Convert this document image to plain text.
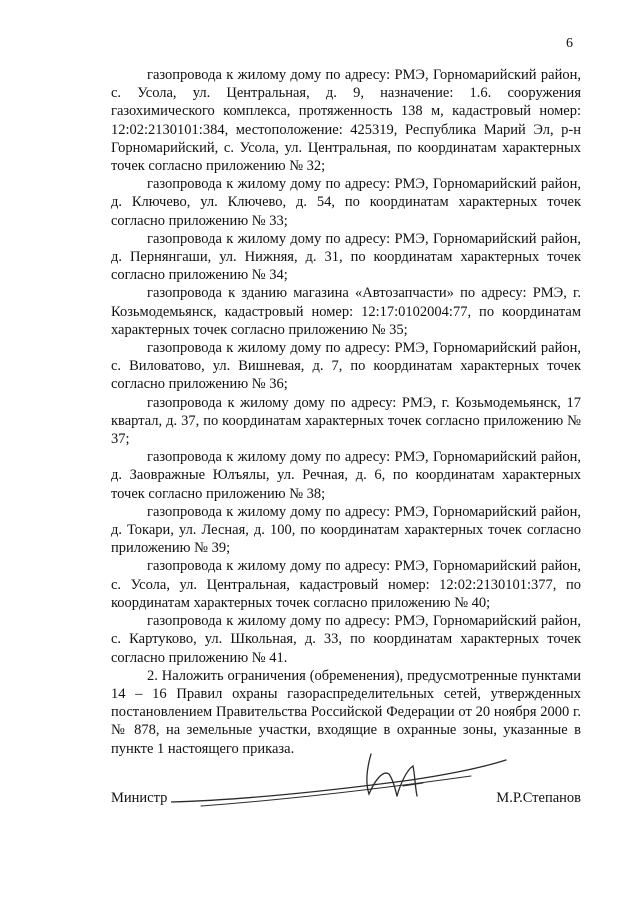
6

газопровода к жилому дому по адресу: РМЭ, Горномарийский район, с. Усола, ул. Центральная, д. 9, назначение: 1.6. сооружения газохимического комплекса, протяженность 138 м, кадастровый номер: 12:02:2130101:384, местоположение: 425319, Республика Марий Эл, р-н Горномарийский, с. Усола, ул. Центральная, по координатам характерных точек согласно приложению № 32;

газопровода к жилому дому по адресу: РМЭ, Горномарийский район, д. Ключево, ул. Ключево, д. 54, по координатам характерных точек согласно приложению № 33;

газопровода к жилому дому по адресу: РМЭ, Горномарийский район, д. Пернянгаши, ул. Нижняя, д. 31, по координатам характерных точек согласно приложению № 34;

газопровода к зданию магазина «Автозапчасти» по адресу: РМЭ, г. Козьмодемьянск, кадастровый номер: 12:17:0102004:77, по координатам характерных точек согласно приложению № 35;

газопровода к жилому дому по адресу: РМЭ, Горномарийский район, с. Виловатово, ул. Вишневая, д. 7, по координатам характерных точек согласно приложению № 36;

газопровода к жилому дому по адресу: РМЭ, г. Козьмодемьянск, 17 квартал, д. 37, по координатам характерных точек согласно приложению № 37;

газопровода к жилому дому по адресу: РМЭ, Горномарийский район, д. Заовражные Юлъялы, ул. Речная, д. 6, по координатам характерных точек согласно приложению № 38;

газопровода к жилому дому по адресу: РМЭ, Горномарийский район, д. Токари, ул. Лесная, д. 100, по координатам характерных точек согласно приложению № 39;

газопровода к жилому дому по адресу: РМЭ, Горномарийский район, с. Усола, ул. Центральная, кадастровый номер: 12:02:2130101:377, по координатам характерных точек согласно приложению № 40;

газопровода к жилому дому по адресу: РМЭ, Горномарийский район, с. Картуково, ул. Школьная, д. 33, по координатам характерных точек согласно приложению № 41.

2. Наложить ограничения (обременения), предусмотренные пунктами 14 – 16 Правил охраны газораспределительных сетей, утвержденных постановлением Правительства Российской Федерации от 20 ноября 2000 г. № 878, на земельные участки, входящие в охранные зоны, указанные в пункте 1 настоящего приказа.

Министр	М.Р.Степанов
